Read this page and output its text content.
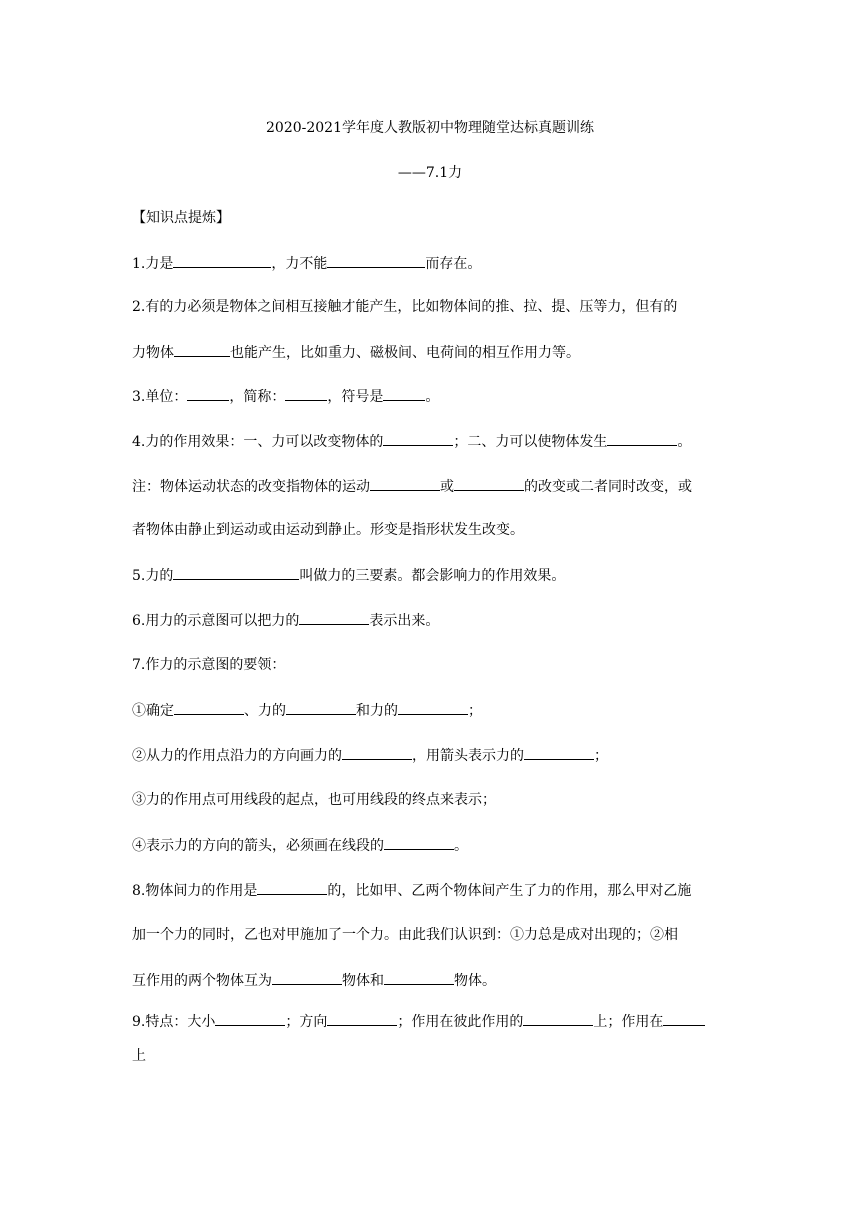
2020-2021学年度人教版初中物理随堂达标真题训练
——7.1力
【知识点提炼】
1.力是	，力不能	而存在。
2.有的力必须是物体之间相互接触才能产生，比如物体间的推、拉、提、压等力，但有的
力物体	也能产生，比如重力、磁极间、电荷间的相互作用力等。
3.单位：	，简称：	，符号是	。
4.力的作用效果：一、力可以改变物体的	；二、力可以使物体发生	。
注：物体运动状态的改变指物体的运动	或	的改变或二者同时改变，或
者物体由静止到运动或由运动到静止。形变是指形状发生改变。
5.力的	叫做力的三要素。都会影响力的作用效果。
6.用力的示意图可以把力的	表示出来。
7.作力的示意图的要领：
①确定	、力的	和力的	；
②从力的作用点沿力的方向画力的	，用箭头表示力的	；
③力的作用点可用线段的起点，也可用线段的终点来表示；
④表示力的方向的箭头，必须画在线段的	。
8.物体间力的作用是	的，比如甲、乙两个物体间产生了力的作用，那么甲对乙施
加一个力的同时，乙也对甲施加了一个力。由此我们认识到：①力总是成对出现的；②相
互作用的两个物体互为	物体和	物体。
9.特点：大小	；方向	；作用在彼此作用的	上；作用在
上
